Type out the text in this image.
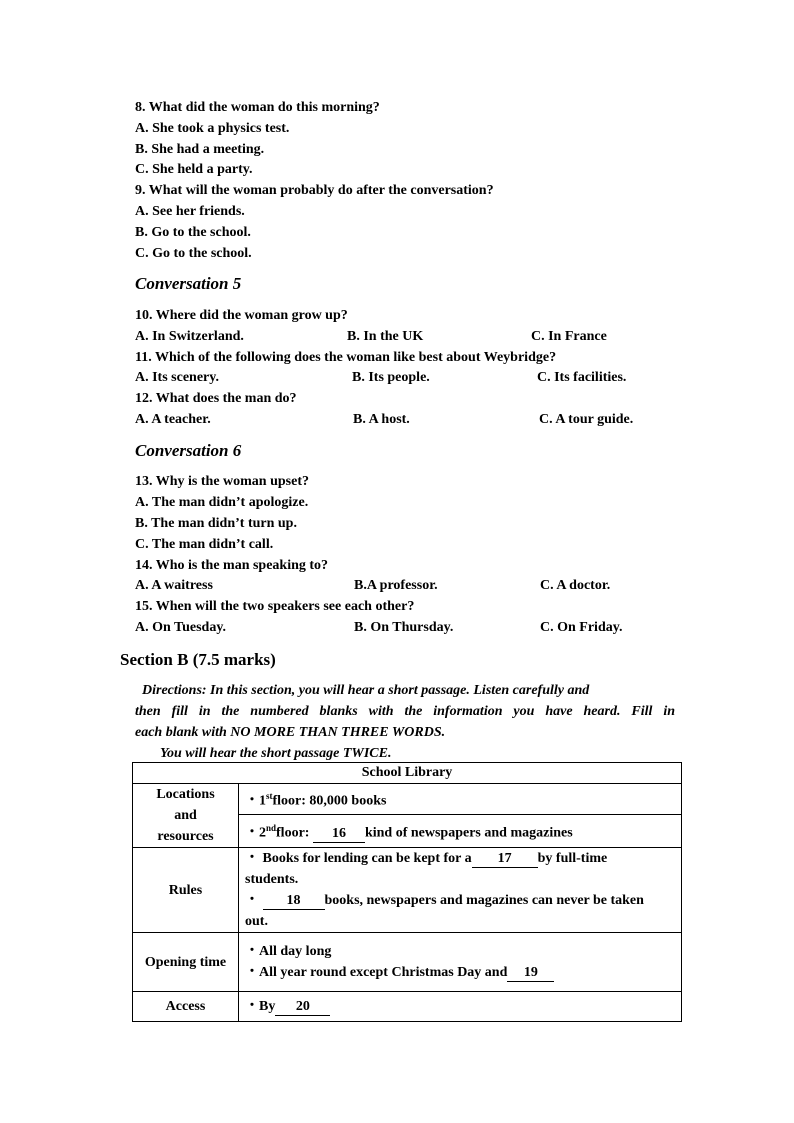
8. What did the woman do this morning?
A. She took a physics test.
B. She had a meeting.
C. She held a party.
9. What will the woman probably do after the conversation?
A. See her friends.
B. Go to the school.
C. Go to the school.
Conversation 5
10. Where did the woman grow up?
A. In Switzerland.	B. In the UK	C. In France
11. Which of the following does the woman like best about Weybridge?
A. Its scenery.	B. Its people.	C. Its facilities.
12. What does the man do?
A. A teacher.	B. A host.	C. A tour guide.
Conversation 6
13. Why is the woman upset?
A. The man didn’t apologize.
B. The man didn’t turn up.
C. The man didn’t call.
14. Who is the man speaking to?
A. A waitress	B.A professor.	C. A doctor.
15. When will the two speakers see each other?
A. On Tuesday.	B. On Thursday.	C. On Friday.
Section B (7.5 marks)
Directions: In this section, you will hear a short passage. Listen carefully and
then fill in the numbered blanks with the information you have heard. Fill in
each blank with NO MORE THAN THREE WORDS.
You will hear the short passage TWICE.
School Library	

Locations and resources	・1stfloor: 80,000 books
	・2ndfloor: 16 kind of newspapers and magazines
Rules	・ Books for lending can be kept for a 17 by full-time
students.
・ 18 books, newspapers and magazines can never be taken
out.

Opening time	・All day long
・All year round except Christmas Day and 19

Access	・By 20
